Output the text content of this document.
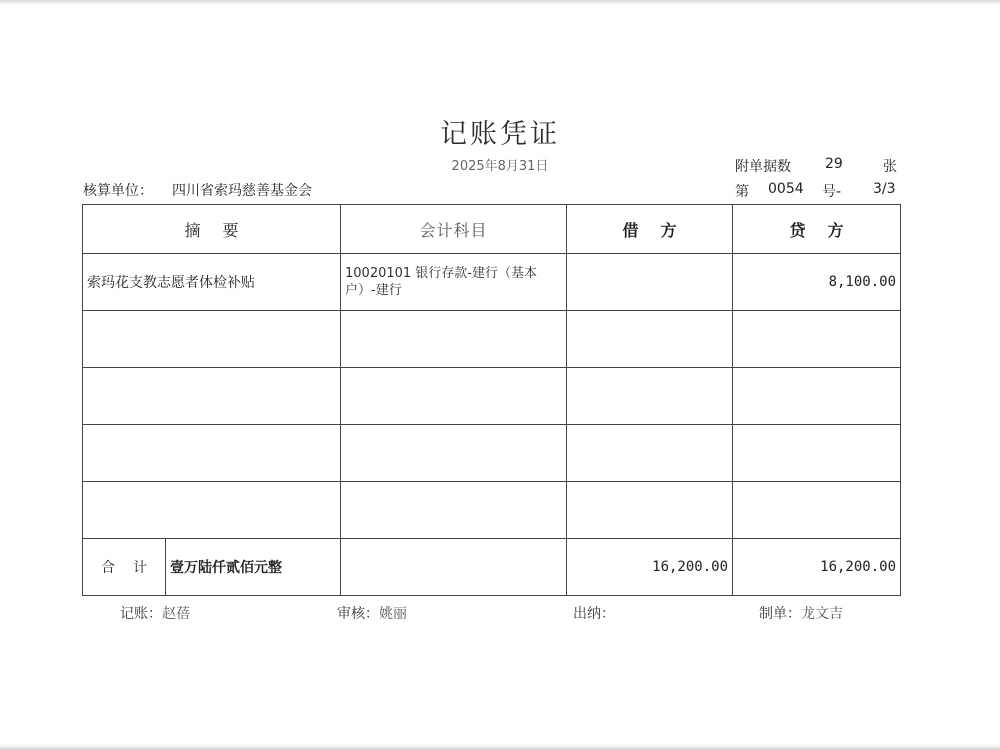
记账凭证
2025年8月31日
核算单位： 四川省索玛慈善基金会
附单据数 29	张
第 0054 号- 3/3
摘要	会计科目	借方	贷方
索玛花支教志愿者体检补贴	10020101 银行存款-建行（基本户）-建行		8,100.00

合计 壹万陆仟贰佰元整		16,200.00	16,200.00
记账：赵蓓	审核：姚丽	出纳：	制单：龙文吉
